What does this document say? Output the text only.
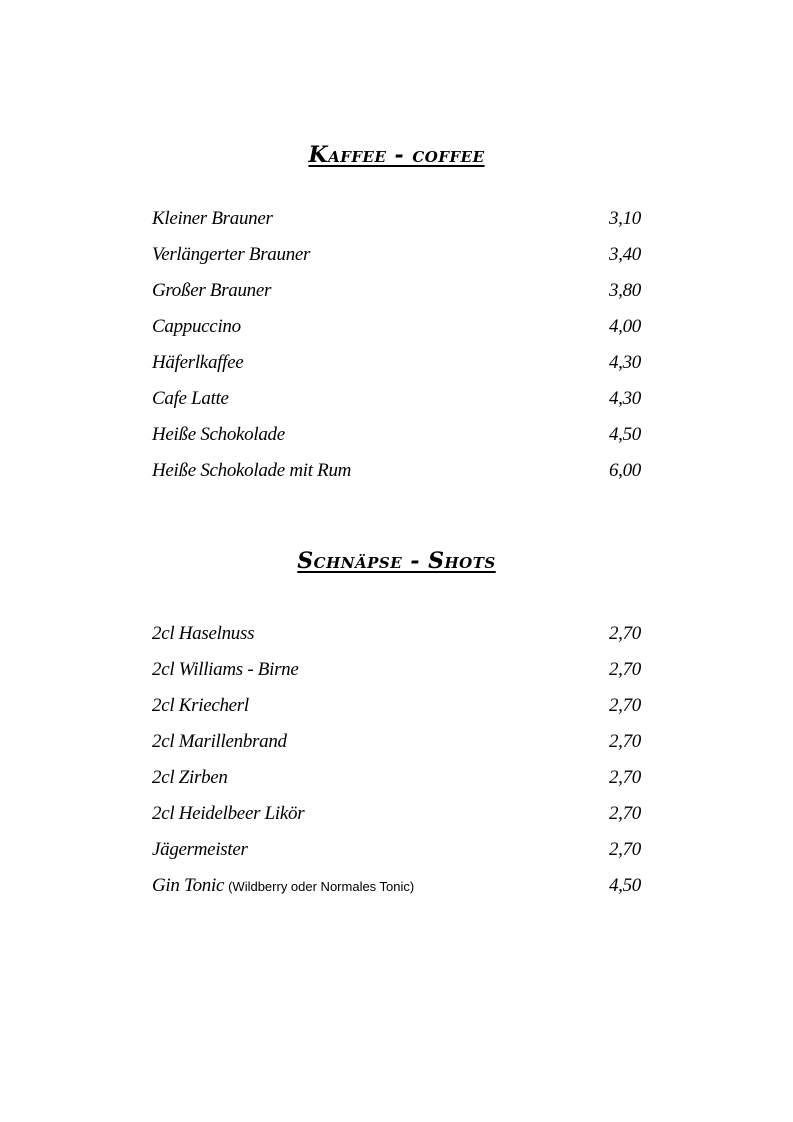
Kaffee - coffee
Kleiner Brauner	3,10
Verlängerter Brauner	3,40
Großer Brauner	3,80
Cappuccino	4,00
Häferlkaffee	4,30
Cafe Latte	4,30
Heiße Schokolade	4,50
Heiße Schokolade mit Rum	6,00
Schnäpse - Shots
2cl Haselnuss	2,70
2cl Williams - Birne	2,70
2cl Kriecherl	2,70
2cl Marillenbrand	2,70
2cl Zirben	2,70
2cl Heidelbeer Likör	2,70
Jägermeister	2,70
Gin Tonic (Wildberry oder Normales Tonic)	4,50
